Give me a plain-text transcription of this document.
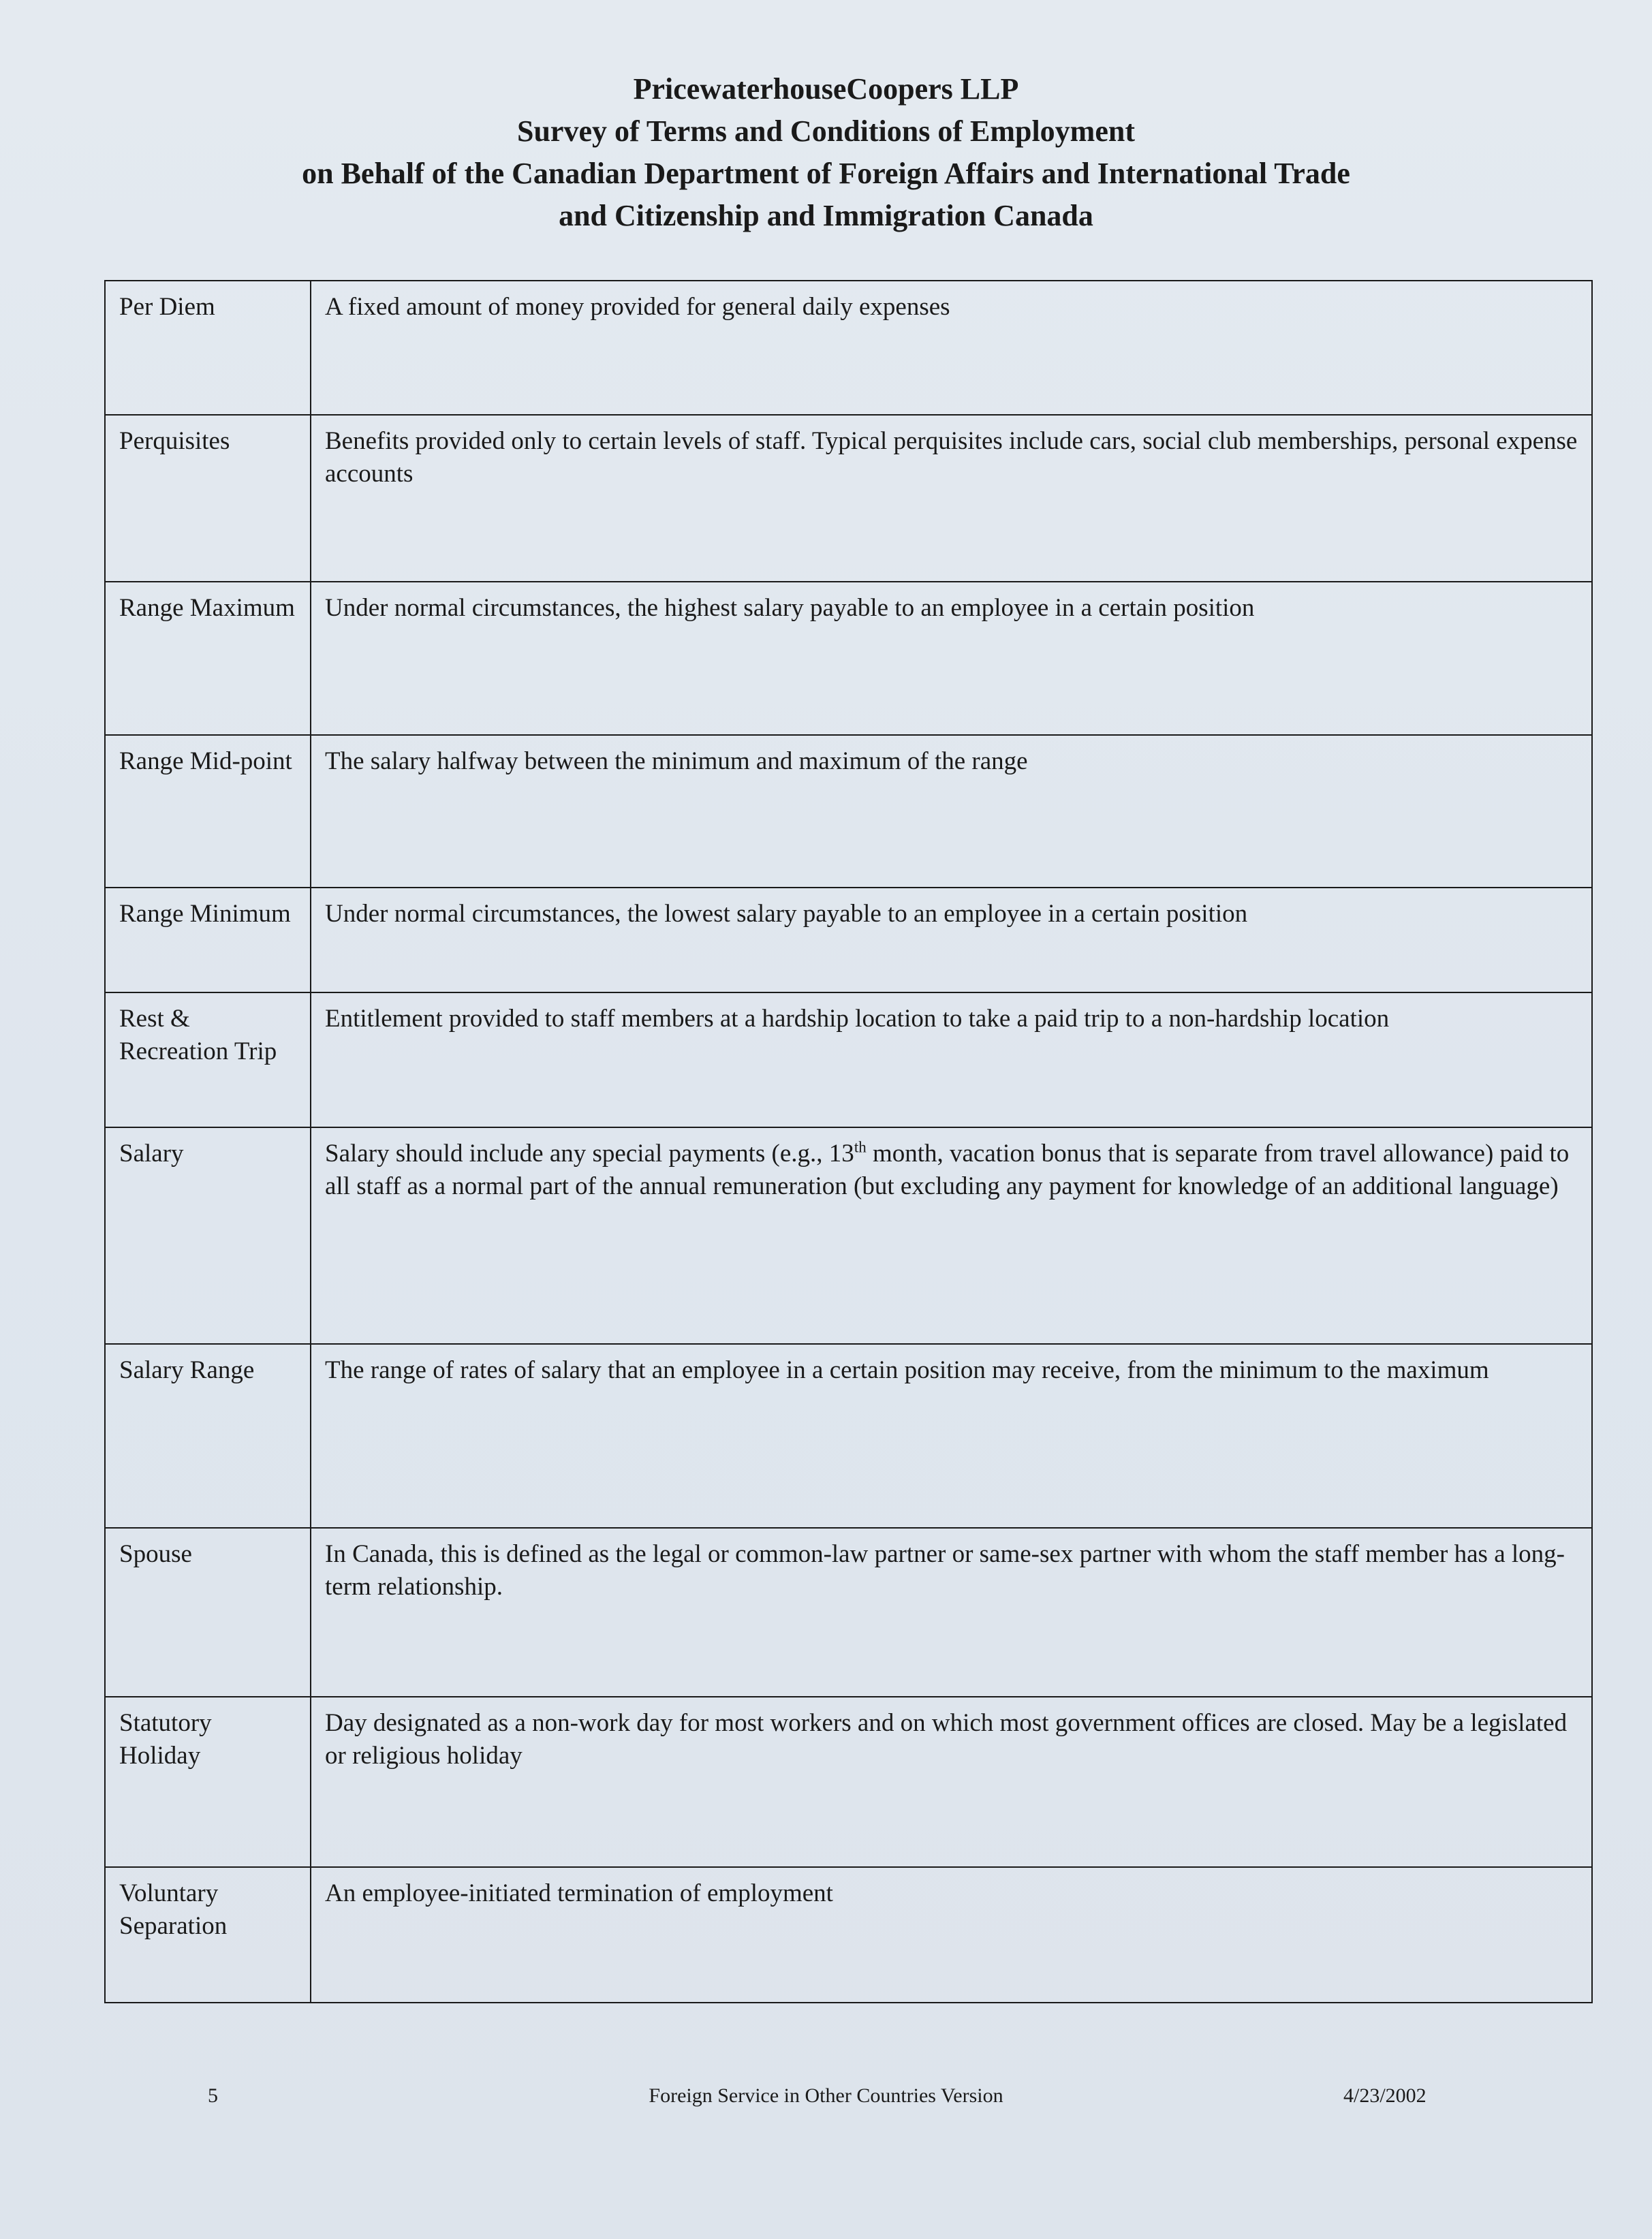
PricewaterhouseCoopers LLP
Survey of Terms and Conditions of Employment
on Behalf of the Canadian Department of Foreign Affairs and International Trade
and Citizenship and Immigration Canada
Per Diem	A fixed amount of money provided for general daily expenses
Perquisites	Benefits provided only to certain levels of staff. Typical perquisites include cars, social club memberships, personal expense accounts
Range Maximum	Under normal circumstances, the highest salary payable to an employee in a certain position
Range Mid-point	The salary halfway between the minimum and maximum of the range
Range Minimum	Under normal circumstances, the lowest salary payable to an employee in a certain position
Rest & Recreation Trip	Entitlement provided to staff members at a hardship location to take a paid trip to a non-hardship location
Salary	Salary should include any special payments (e.g., 13th month, vacation bonus that is separate from travel allowance) paid to all staff as a normal part of the annual remuneration (but excluding any payment for knowledge of an additional language)
Salary Range	The range of rates of salary that an employee in a certain position may receive, from the minimum to the maximum
Spouse	In Canada, this is defined as the legal or common-law partner or same-sex partner with whom the staff member has a long-term relationship.
Statutory Holiday	Day designated as a non-work day for most workers and on which most government offices are closed. May be a legislated or religious holiday
Voluntary Separation	An employee-initiated termination of employment
5	Foreign Service in Other Countries Version	4/23/2002
